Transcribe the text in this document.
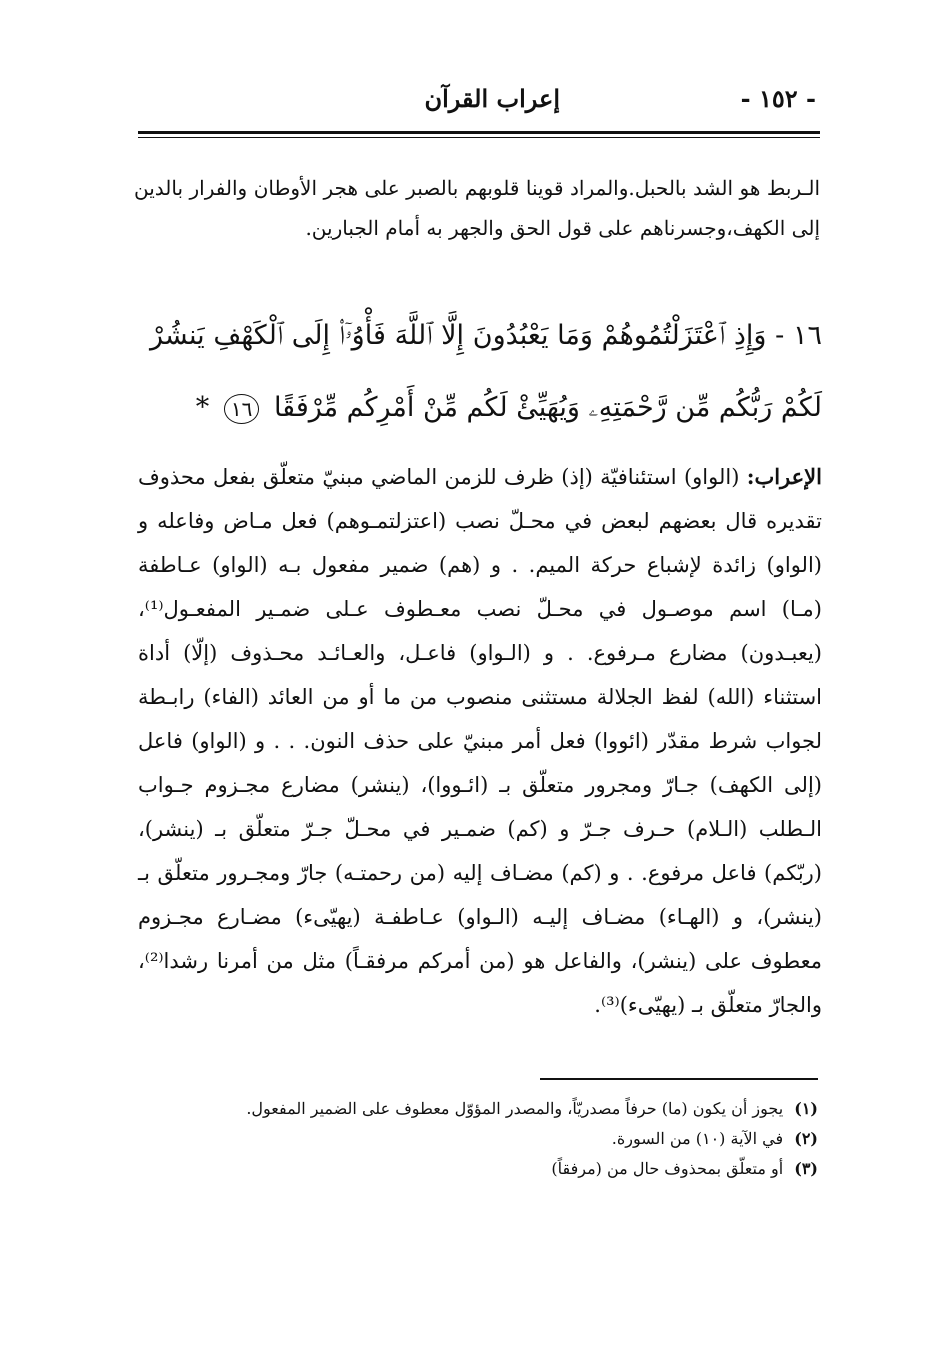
- ١٥٢ -
إعراب القرآن

الـربط هو الشد بالحبل.والمراد قوينا قلوبهم بالصبر على هجر الأوطان والفرار بالدين إلى الكهف،وجسرناهم على قول الحق والجهر به أمام الجبارين.

١٦ - وَإِذِ ٱعْتَزَلْتُمُوهُمْ وَمَا يَعْبُدُونَ إِلَّا ٱللَّهَ فَأْوُۥٓا۟ إِلَى ٱلْكَهْفِ يَنشُرْ لَكُمْ رَبُّكُم مِّن رَّحْمَتِهِۦ وَيُهَيِّئْ لَكُم مِّنْ أَمْرِكُم مِّرْفَقًا ١٦ *

الإعراب: (الواو) استئنافيّة (إذ) ظرف للزمن الماضي مبنيّ متعلّق بفعل محذوف تقديره قال بعضهم لبعض في محـلّ نصب (اعتزلتمـوهم) فعل مـاض وفاعله و (الواو) زائدة لإشباع حركة الميم. . و (هم) ضمير مفعول بـه (الواو) عـاطفة (مـا) اسم موصـول في محـلّ نصب معـطوف عـلى ضمـير المفعـول⁽¹⁾، (يعبـدون) مضارع مـرفوع. . و (الـواو) فاعـل، والعـائـد محـذوف (إلّا) أداة استثناء (الله) لفظ الجلالة مستثنى منصوب من ما أو من العائد (الفاء) رابـطة لجواب شرط مقدّر (ائووا) فعل أمر مبنيّ على حذف النون. . . و (الواو) فاعل (إلى الكهف) جـارّ ومجرور متعلّق بـ (ائـووا)، (ينشر) مضارع مجـزوم جـواب الـطلب (الـلام) حـرف جـرّ و (كم) ضمـير في محـلّ جـرّ متعلّق بـ (ينشر)، (ربّكم) فاعل مرفوع. . و (كم) مضـاف إليه (من رحمتـه) جارّ ومجـرور متعلّق بـ (ينشر)، و (الهـاء) مضـاف إليـه (الـواو) عـاطفـة (يهيّىء) مضـارع مجـزوم معطوف على (ينشر)، والفاعل هو (من أمركم مرفقـاً) مثل من أمرنا رشدا⁽²⁾، والجارّ متعلّق بـ (يهيّىء)⁽³⁾.

(١) يجوز أن يكون (ما) حرفاً مصدريّاً، والمصدر المؤوّل معطوف على الضمير المفعول.
(٢) في الآية (١٠) من السورة.
(٣) أو متعلّق بمحذوف حال من (مرفقاً)
